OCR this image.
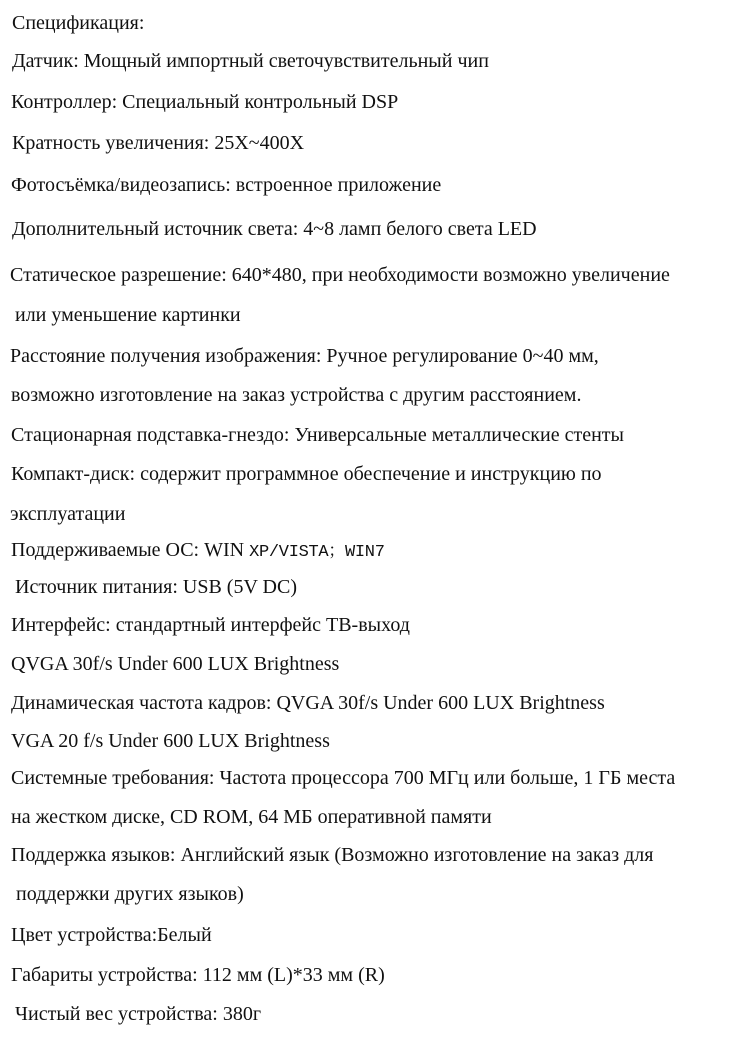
Спецификация:
Датчик: Мощный импортный светочувствительный чип
Контроллер: Специальный контрольный DSP
Кратность увеличения: 25X~400X
Фотосъёмка/видеозапись: встроенное приложение
Дополнительный источник света: 4~8 ламп белого света LED
Статическое разрешение: 640*480, при необходимости возможно увеличение
или уменьшение картинки
Расстояние получения изображения: Ручное регулирование 0~40 мм,
возможно изготовление на заказ устройства с другим расстоянием.
Стационарная подставка-гнездо: Универсальные металлические стенты
Компакт-диск: содержит программное обеспечение и инструкцию по
эксплуатации
Поддерживаемые ОС: WIN XP/VISTA；WIN7
Источник питания: USB (5V DC)
Интерфейс: стандартный интерфейс ТВ-выход
QVGA 30f/s Under 600 LUX Brightness
Динамическая частота кадров: QVGA 30f/s Under 600 LUX Brightness
VGA 20 f/s Under 600 LUX Brightness
Системные требования: Частота процессора 700 МГц или больше, 1 ГБ места
на жестком диске, CD ROM, 64 МБ оперативной памяти
Поддержка языков: Английский язык (Возможно изготовление на заказ для
поддержки других языков)
Цвет устройства:Белый
Габариты устройства: 112 мм (L)*33 мм (R)
Чистый вес устройства: 380г
